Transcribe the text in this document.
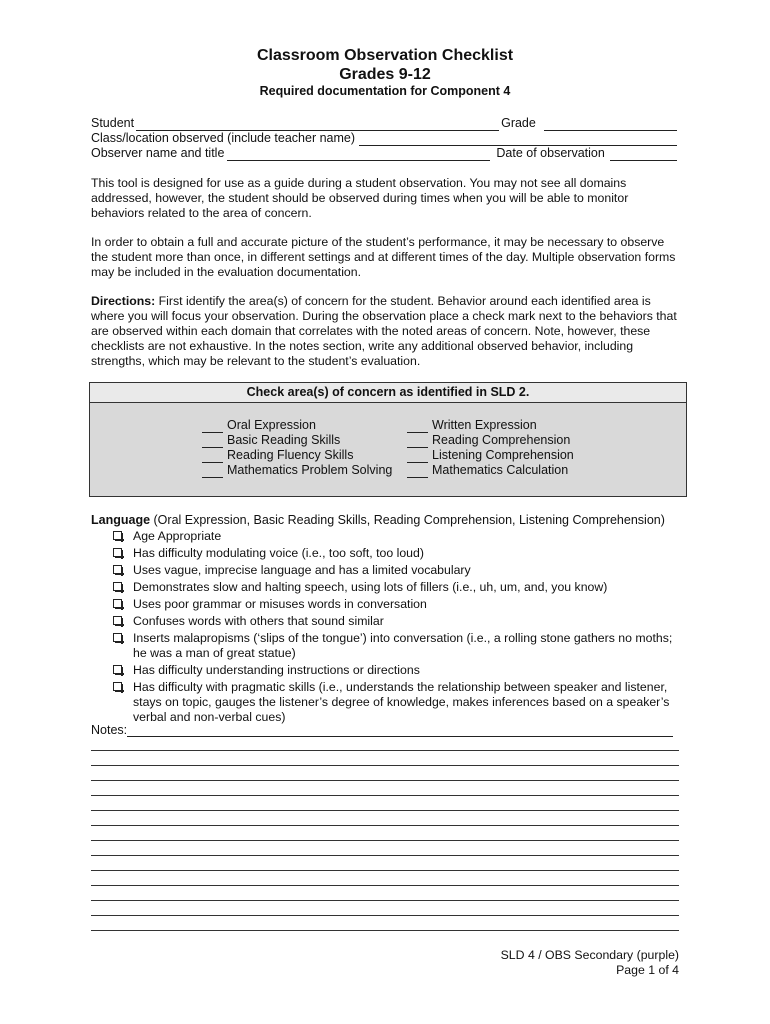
Classroom Observation Checklist
Grades 9-12
Required documentation for Component 4
Student	Grade
Class/location observed (include teacher name)
Observer name and title	Date of observation

This tool is designed for use as a guide during a student observation. You may not see all domains addressed, however, the student should be observed during times when you will be able to monitor behaviors related to the area of concern.

In order to obtain a full and accurate picture of the student’s performance, it may be necessary to observe the student more than once, in different settings and at different times of the day. Multiple observation forms may be included in the evaluation documentation.

Directions: First identify the area(s) of concern for the student. Behavior around each identified area is where you will focus your observation. During the observation place a check mark next to the behaviors that are observed within each domain that correlates with the noted areas of concern. Note, however, these checklists are not exhaustive. In the notes section, write any additional observed behavior, including strengths, which may be relevant to the student’s evaluation.

Check area(s) of concern as identified in SLD 2.
Oral Expression
Basic Reading Skills
Reading Fluency Skills
Mathematics Problem Solving
Written Expression
Reading Comprehension
Listening Comprehension
Mathematics Calculation
Language (Oral Expression, Basic Reading Skills, Reading Comprehension, Listening Comprehension)
Age Appropriate
Has difficulty modulating voice (i.e., too soft, too loud)
Uses vague, imprecise language and has a limited vocabulary
Demonstrates slow and halting speech, using lots of fillers (i.e., uh, um, and, you know)
Uses poor grammar or misuses words in conversation
Confuses words with others that sound similar
Inserts malapropisms (‘slips of the tongue’) into conversation (i.e., a rolling stone gathers no moths; he was a man of great statue)
Has difficulty understanding instructions or directions
Has difficulty with pragmatic skills (i.e., understands the relationship between speaker and listener, stays on topic, gauges the listener’s degree of knowledge, makes inferences based on a speaker’s verbal and non-verbal cues)
Notes:
SLD 4 / OBS Secondary (purple)
Page 1 of 4
